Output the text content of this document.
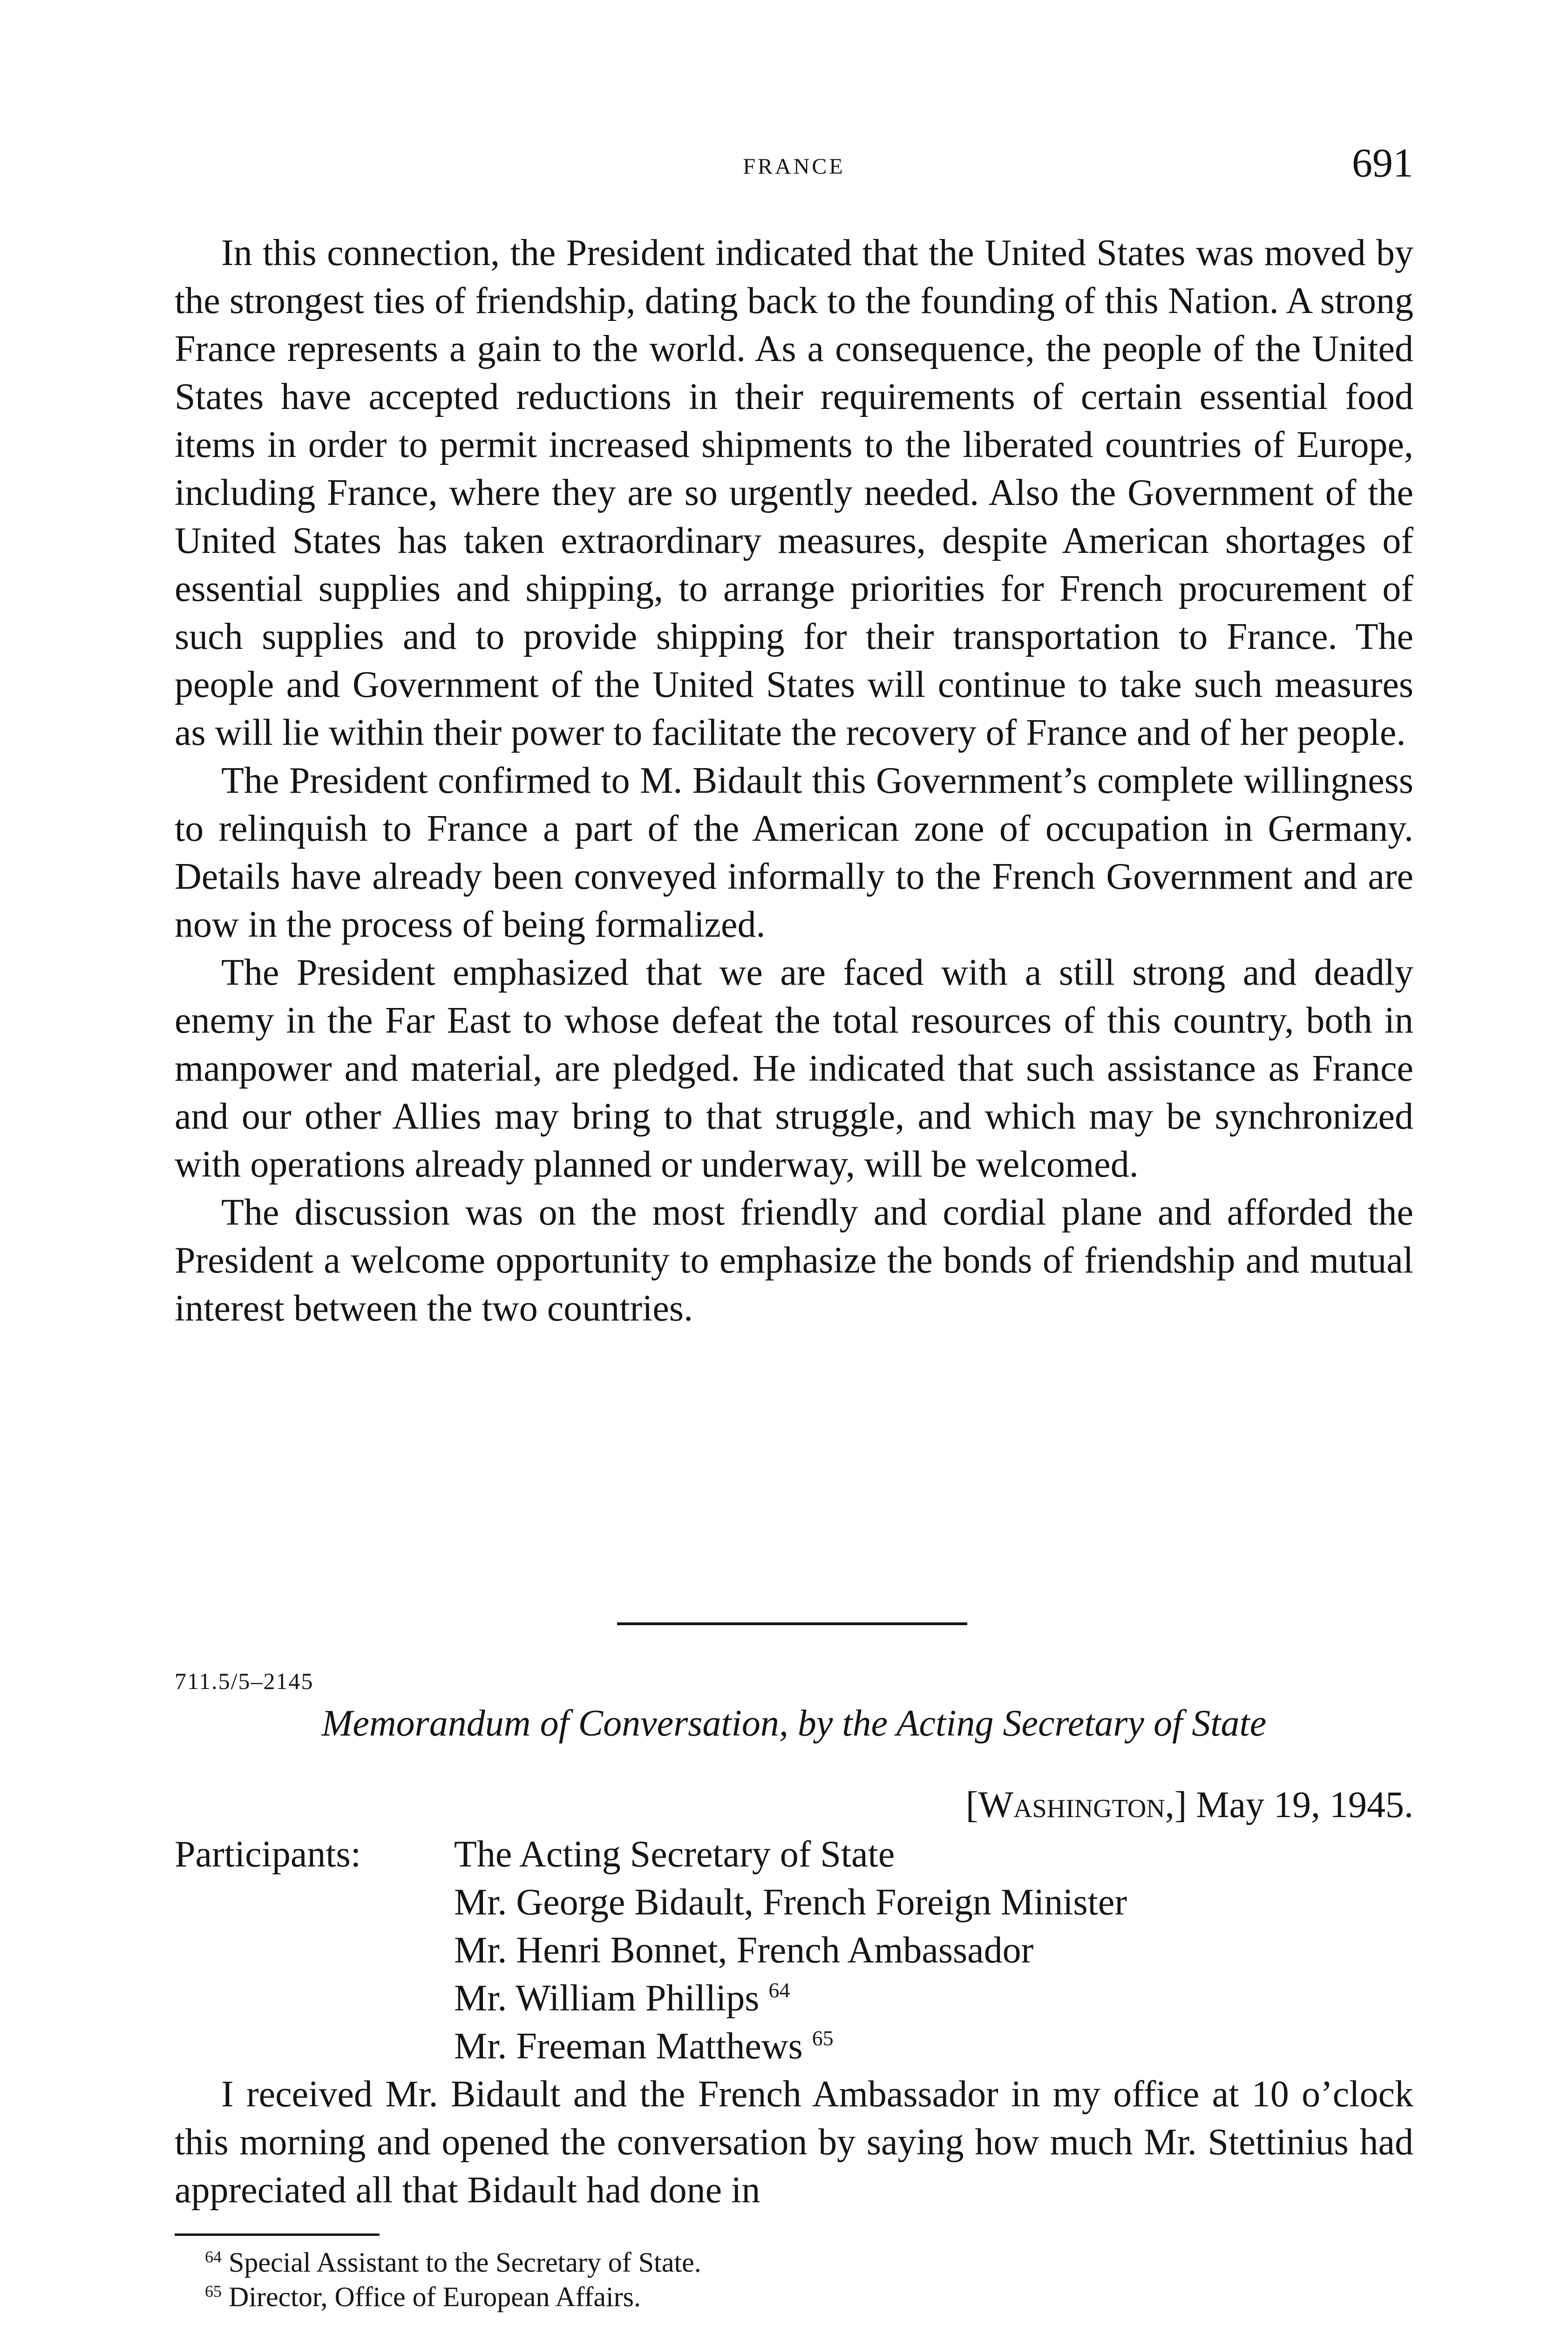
FRANCE	691

In this connection, the President indicated that the United States was moved by the strongest ties of friendship, dating back to the founding of this Nation. A strong France represents a gain to the world. As a consequence, the people of the United States have accepted reductions in their requirements of certain essential food items in order to permit increased shipments to the liberated countries of Europe, including France, where they are so urgently needed. Also the Government of the United States has taken extraordinary measures, despite American shortages of essential supplies and shipping, to arrange priorities for French procurement of such supplies and to provide shipping for their transportation to France. The people and Government of the United States will continue to take such measures as will lie within their power to facilitate the recovery of France and of her people.

The President confirmed to M. Bidault this Government’s complete willingness to relinquish to France a part of the American zone of occupation in Germany. Details have already been conveyed informally to the French Government and are now in the process of being formalized.

The President emphasized that we are faced with a still strong and deadly enemy in the Far East to whose defeat the total resources of this country, both in manpower and material, are pledged. He indicated that such assistance as France and our other Allies may bring to that struggle, and which may be synchronized with operations already planned or underway, will be welcomed.

The discussion was on the most friendly and cordial plane and afforded the President a welcome opportunity to emphasize the bonds of friendship and mutual interest between the two countries.

711.5/5–2145
Memorandum of Conversation, by the Acting Secretary of State
[Washington,] May 19, 1945.
Participants:	The Acting Secretary of State
Mr. George Bidault, French Foreign Minister
Mr. Henri Bonnet, French Ambassador
Mr. William Phillips $^{64}$
Mr. Freeman Matthews $^{65}$

I received Mr. Bidault and the French Ambassador in my office at 10 o’clock this morning and opened the conversation by saying how much Mr. Stettinius had appreciated all that Bidault had done in

$^{64}$ Special Assistant to the Secretary of State.
$^{65}$ Director, Office of European Affairs.
